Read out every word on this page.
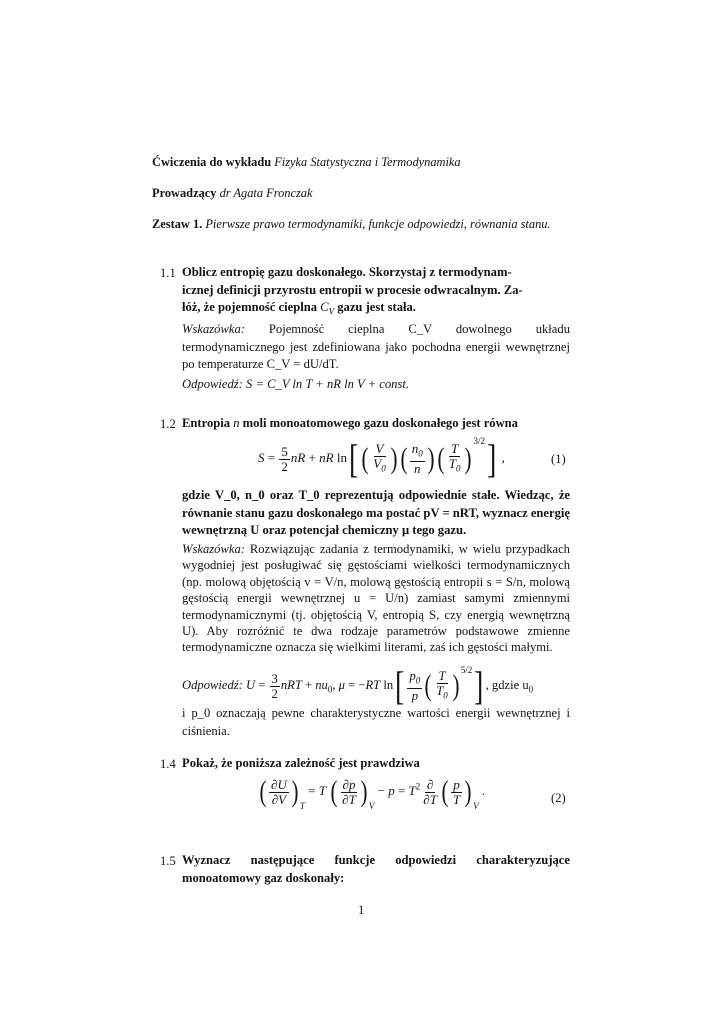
Ćwiczenia do wykładu Fizyka Statystyczna i Termodynamika
Prowadzący dr Agata Fronczak
Zestaw 1. Pierwsze prawo termodynamiki, funkcje odpowiedzi, równania stanu.
1.1 Oblicz entropię gazu doskonałego. Skorzystaj z termodynam-
icznej definicji przyrostu entropii w procesie odwracalnym. Za-
łóż, że pojemność cieplna $C_V$ gazu jest stała.
Wskazówka: Pojemność cieplna C_V dowolnego układu termodynamicznego jest zdefiniowana jako pochodna energii wewnętrznej po temperaturze C_V = dU/dT.
Odpowiedź: S = C_V ln T + nR ln V + const.
1.2 Entropia n moli monoatomowego gazu doskonałego jest równa
$S = \frac{5}{2}$ nR + nR ln[ ( $\frac{V}{V_0}$ ) ( $\frac{n_0}{n}$ ) ( $\frac{T}{T_0} )^{3/2}$] ,	(1)
gdzie V_0, n_0 oraz T_0 reprezentują odpowiednie stałe. Wiedząc, że równanie stanu gazu doskonałego ma postać pV = nRT, wyznacz energię wewnętrzną U oraz potencjał chemiczny μ tego gazu.
Wskazówka: Rozwiązując zadania z termodynamiki, w wielu przypadkach wygodniej jest posługiwać się gęstościami wielkości termodynamicznych (np. molową objętością v = V/n, molową gęstością entropii s = S/n, molową gęstością energii wewnętrznej u = U/n) zamiast samymi zmiennymi termodynamicznymi (tj. objętością V, entropią S, czy energią wewnętrzną U). Aby rozróżnić te dwa rodzaje parametrów podstawowe zmienne termodynamiczne oznacza się wielkimi literami, zaś ich gęstości małymi.
Odpowiedź: $U = \frac{3}{2}$ nRT + $nu_0$, μ = −RT $\ln[ \frac{p_0}{p}$ ( $\frac{T}{T_0}$ ) $^{5/2}$] , gdzie $u_0$
i p_0 oznaczają pewne charakterystyczne wartości energii wewnętrznej i ciśnienia.
1.4 Pokaż, że poniższa zależność jest prawdziwa
( $\frac{\partial U}{\partial V}$ ) $_T$ = T ( $\frac{\partial p}{\partial T}$ ) $_V - p = T^2 \frac{\partial}{\partial T}$ ( $\frac{p}{T}$ ) $_V$ .
(2)
1.5 Wyznacz następujące funkcje odpowiedzi charakteryzujące monoatomowy gaz doskonały:
1
